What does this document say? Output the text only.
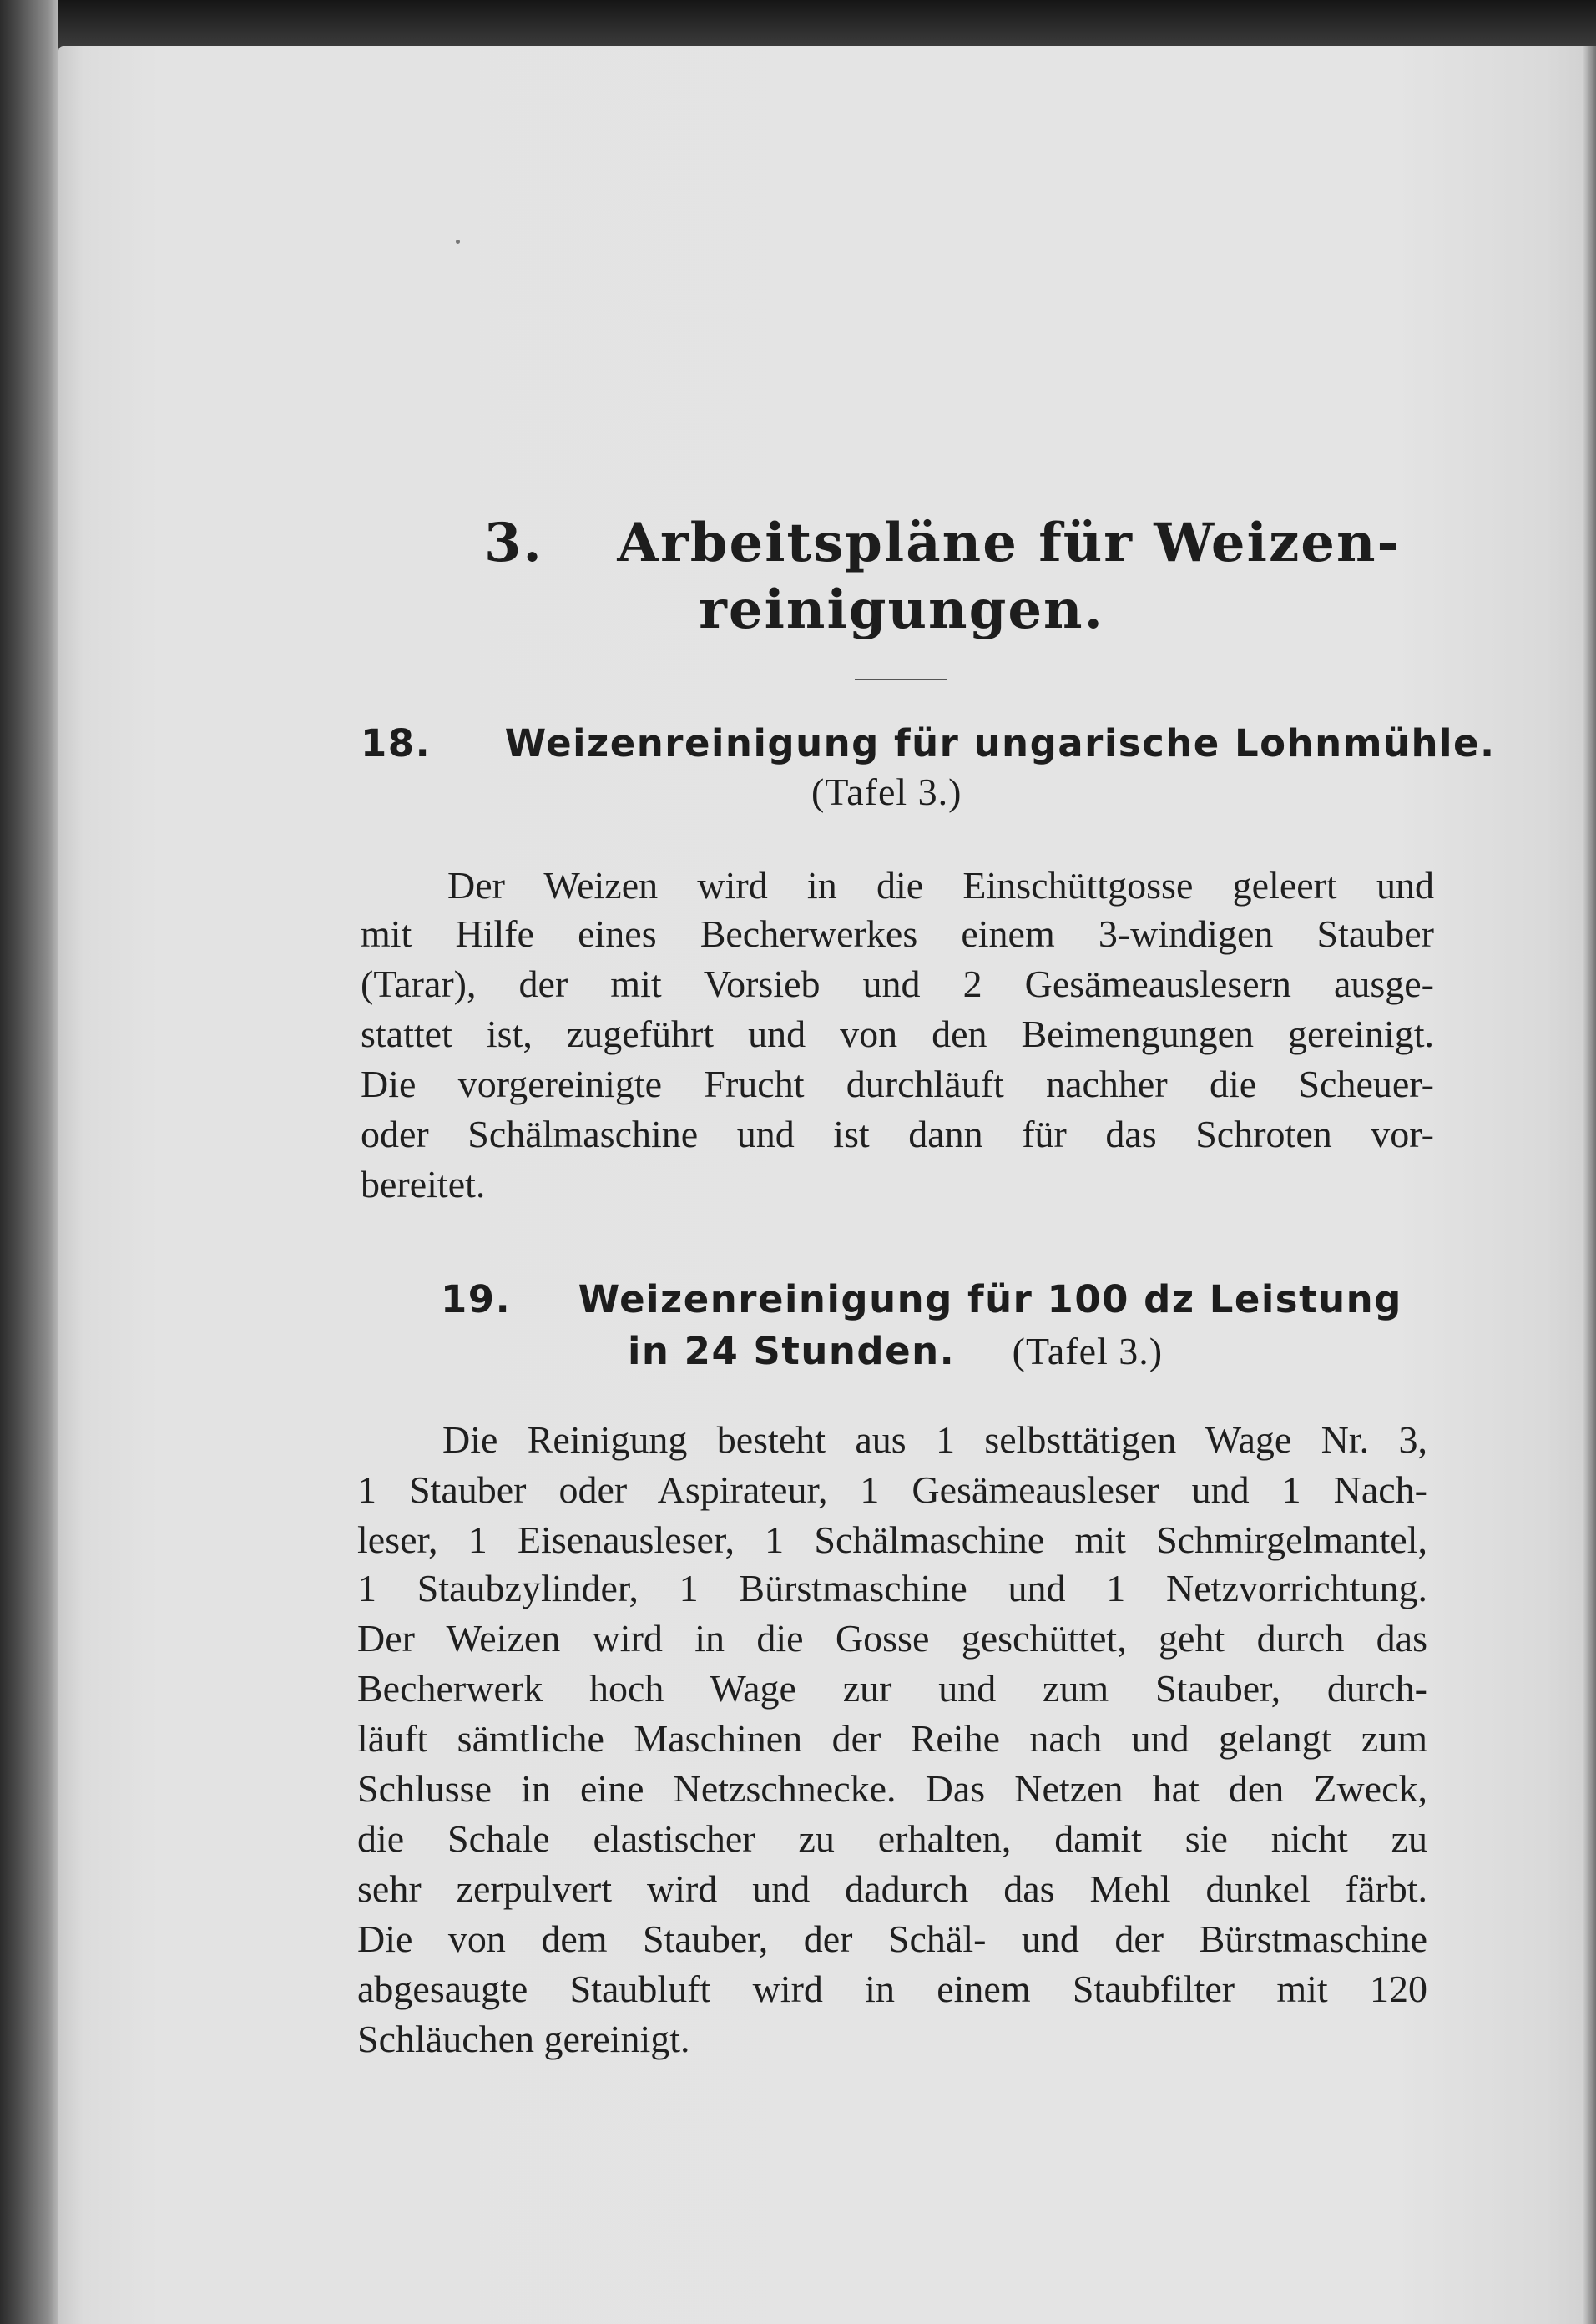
3. Arbeitspläne für Weizen-
reinigungen.
18. Weizenreinigung für ungarische Lohnmühle.
(Tafel 3.)
Der Weizen wird in die Einschüttgosse geleert und
mit Hilfe eines Becherwerkes einem 3-windigen Stauber
(Tarar), der mit Vorsieb und 2 Gesämeauslesern ausge-
stattet ist, zugeführt und von den Beimengungen gereinigt.
Die vorgereinigte Frucht durchläuft nachher die Scheuer-
oder Schälmaschine und ist dann für das Schroten vor-
bereitet.
19. Weizenreinigung für 100 dz Leistung
in 24 Stunden. (Tafel 3.)
Die Reinigung besteht aus 1 selbsttätigen Wage Nr. 3,
1 Stauber oder Aspirateur, 1 Gesämeausleser und 1 Nach-
leser, 1 Eisenausleser, 1 Schälmaschine mit Schmirgelmantel,
1 Staubzylinder, 1 Bürstmaschine und 1 Netzvorrichtung.
Der Weizen wird in die Gosse geschüttet, geht durch das
Becherwerk hoch Wage zur und zum Stauber, durch-
läuft sämtliche Maschinen der Reihe nach und gelangt zum
Schlusse in eine Netzschnecke. Das Netzen hat den Zweck,
die Schale elastischer zu erhalten, damit sie nicht zu
sehr zerpulvert wird und dadurch das Mehl dunkel färbt.
Die von dem Stauber, der Schäl- und der Bürstmaschine
abgesaugte Staubluft wird in einem Staubfilter mit 120
Schläuchen gereinigt.
